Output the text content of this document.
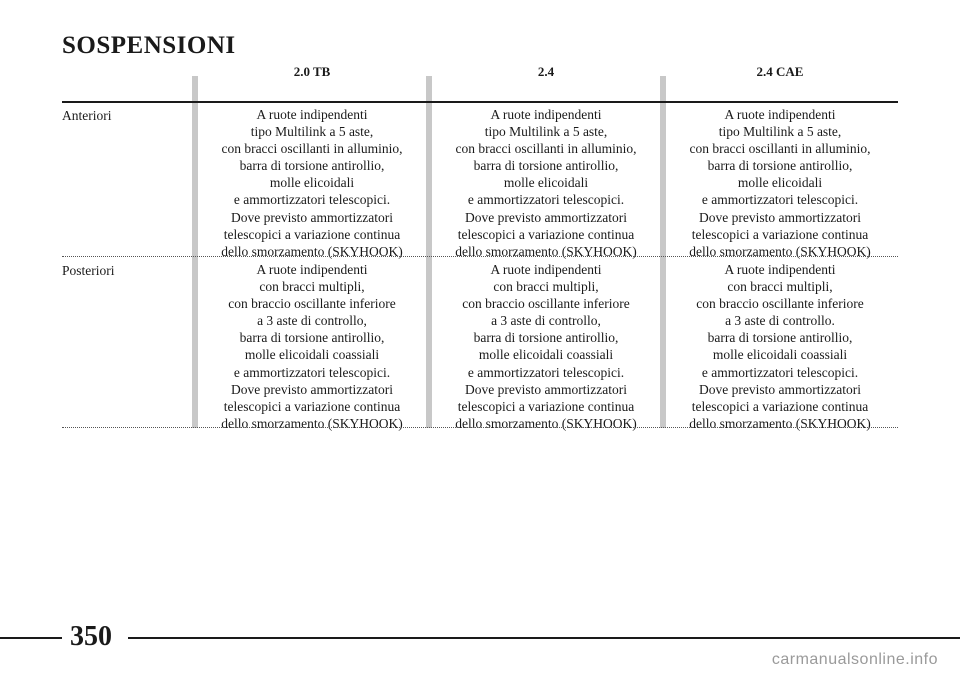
SOSPENSIONI
2.0 TB	2.4	2.4 CAE
Anteriori
Posteriori
A ruote indipendenti
tipo Multilink a 5 aste,
con bracci oscillanti in alluminio,
barra di torsione antirollio,
molle elicoidali
e ammortizzatori telescopici.
Dove previsto ammortizzatori
telescopici a variazione continua
dello smorzamento (SKYHOOK)
A ruote indipendenti
tipo Multilink a 5 aste,
con bracci oscillanti in alluminio,
barra di torsione antirollio,
molle elicoidali
e ammortizzatori telescopici.
Dove previsto ammortizzatori
telescopici a variazione continua
dello smorzamento (SKYHOOK)
A ruote indipendenti
tipo Multilink a 5 aste,
con bracci oscillanti in alluminio,
barra di torsione antirollio,
molle elicoidali
e ammortizzatori telescopici.
Dove previsto ammortizzatori
telescopici a variazione continua
dello smorzamento (SKYHOOK)
A ruote indipendenti
con bracci multipli,
con braccio oscillante inferiore
a 3 aste di controllo,
barra di torsione antirollio,
molle elicoidali coassiali
e ammortizzatori telescopici.
Dove previsto ammortizzatori
telescopici a variazione continua
dello smorzamento (SKYHOOK)
A ruote indipendenti
con bracci multipli,
con braccio oscillante inferiore
a 3 aste di controllo,
barra di torsione antirollio,
molle elicoidali coassiali
e ammortizzatori telescopici.
Dove previsto ammortizzatori
telescopici a variazione continua
dello smorzamento (SKYHOOK)
A ruote indipendenti
con bracci multipli,
con braccio oscillante inferiore
a 3 aste di controllo.
barra di torsione antirollio,
molle elicoidali coassiali
e ammortizzatori telescopici.
Dove previsto ammortizzatori
telescopici a variazione continua
dello smorzamento (SKYHOOK)
350
carmanualsonline.info
